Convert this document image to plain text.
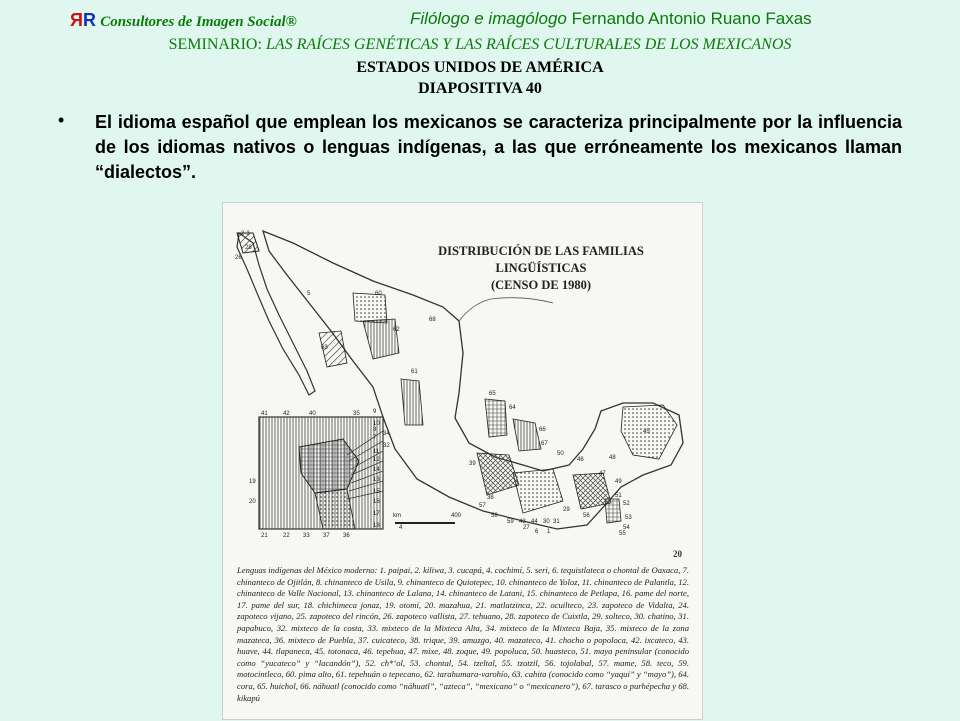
ЯR Consultores de Imagen Social®	Filólogo e imagólogo Fernando Antonio Ruano Faxas
SEMINARIO: LAS RAÍCES GENÉTICAS Y LAS RAÍCES CULTURALES DE LOS MEXICANOS
ESTADOS UNIDOS DE AMÉRICA
DIAPOSITIVA 40
• El idioma español que emplean los mexicanos se caracteriza principalmente por la influencia de los idiomas nativos o lenguas indígenas, a las que erróneamente los mexicanos llaman “dialectos”.

2-3
5	60
68
62
63
61
41	42	40	35 9
10
8
7
11
12
14
13
15
16
17
18
19
20
21	22 33 37 36
34
32
38
39
65
64
66
67
50
46
45
47
48
49
51
52
53
54
55
56
57
58
59 43 44 30 31
29
28
26
27
6 1
4
km	400
DISTRIBUCIÓN DE LAS FAMILIAS LINGÜÍSTICAS
(CENSO DE 1980)
20

Lenguas indígenas del México moderno: 1. paipai, 2. kiliwa, 3. cucapá, 4. cochimí, 5. seri, 6. tequistlateca o chontal de Oaxaca, 7. chinanteco de Ojitlán, 8. chinanteco de Usila, 9. chinanteco de Quiotepec, 10. chinanteco de Yoloz, 11. chinanteco de Palantla, 12. chinanteco de Valle Nacional, 13. chinanteco de Lalana, 14. chinanteco de Latani, 15. chinanteco de Petlapa, 16. pame del norte, 17. pame del sur, 18. chichimeca jonaz, 19. otomí, 20. mazahua, 21. matlatzinca, 22. ocuilteco, 23. zapoteco de Vidalta, 24. zapoteco vijano, 25. zapoteco del rincón, 26. zapoteco vallista, 27. tehuano, 28. zapoteco de Cuixtla, 29. solteco, 30. chatino, 31. papabuco, 32. mixteco de la costa, 33. mixteco de la Mixteca Alta, 34. mixteco de la Mixteca Baja, 35. mixteco de la zona mazateca, 36. mixteco de Puebla, 37. cuicateco, 38. trique, 39. amuzgo, 40. mazateco, 41. chocho o popoloca, 42. ixcateco, 43. huave, 44. tlapaneca, 45. totonaca, 46. tepehua, 47. mixe, 48. zoque, 49. popoluca, 50. huasteco, 51. maya peninsular (conocido como “yucateco” y “lacandón”), 52. ch*‘ol, 53. chontal, 54. tzeltal, 55. tzotzil, 56. tojolabal, 57. mame, 58. teco, 59. motocintleco, 60. pima alto, 61. tepehuán o tepecano, 62. tarahumara-varohío, 63. cahita (conocido como “yaqui” y “mayo”), 64. cora, 65. huichol, 66. náhuatl (conocido como “náhuatl”, “azteca”, “mexicano” o “mexicanero”), 67. tarasco o purhépecha y 68. kikapú
